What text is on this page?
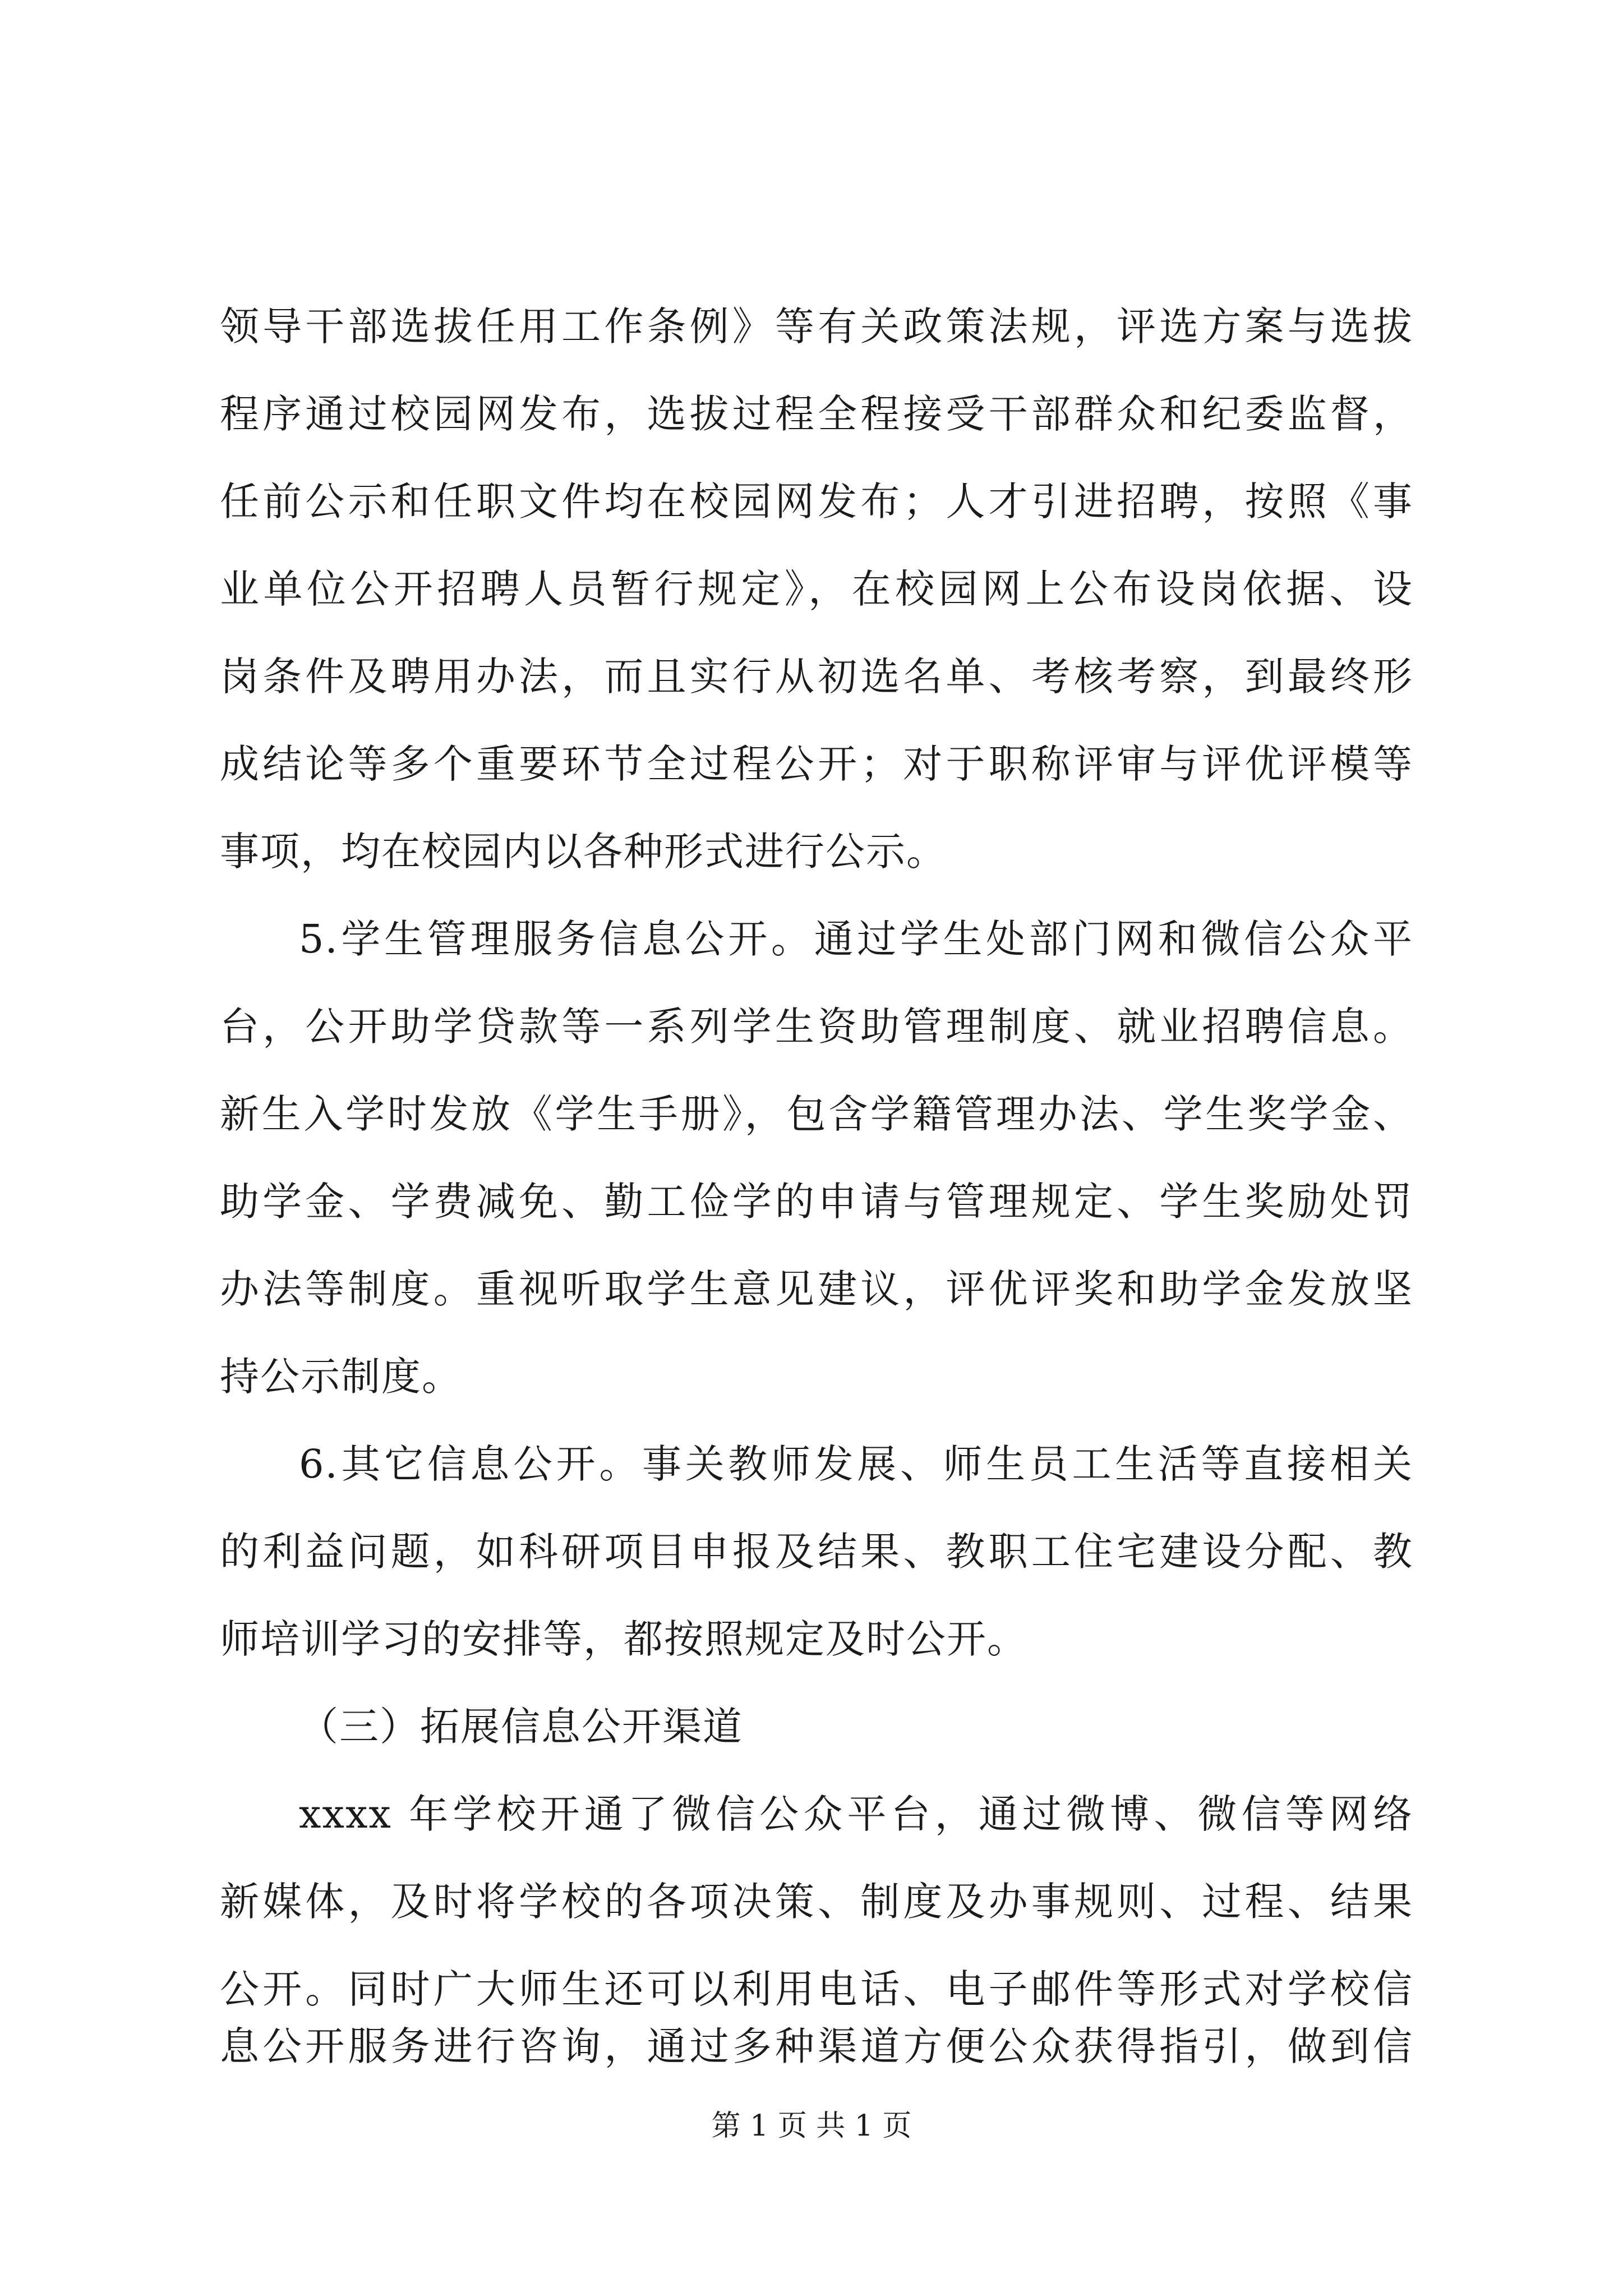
领导干部选拔任用工作条例》等有关政策法规，评选方案与选拔
程序通过校园网发布，选拔过程全程接受干部群众和纪委监督，
任前公示和任职文件均在校园网发布；人才引进招聘，按照《事
业单位公开招聘人员暂行规定》，在校园网上公布设岗依据、设
岗条件及聘用办法，而且实行从初选名单、考核考察，到最终形
成结论等多个重要环节全过程公开；对于职称评审与评优评模等
事项，均在校园内以各种形式进行公示。
5.学生管理服务信息公开。通过学生处部门网和微信公众平
台，公开助学贷款等一系列学生资助管理制度、就业招聘信息。
新生入学时发放《学生手册》，包含学籍管理办法、学生奖学金、
助学金、学费减免、勤工俭学的申请与管理规定、学生奖励处罚
办法等制度。重视听取学生意见建议，评优评奖和助学金发放坚
持公示制度。
6.其它信息公开。事关教师发展、师生员工生活等直接相关
的利益问题，如科研项目申报及结果、教职工住宅建设分配、教
师培训学习的安排等，都按照规定及时公开。
（三）拓展信息公开渠道
xxxx 年学校开通了微信公众平台，通过微博、微信等网络
新媒体，及时将学校的各项决策、制度及办事规则、过程、结果
公开。同时广大师生还可以利用电话、电子邮件等形式对学校信
第 1 页 共 1 页
息公开服务进行咨询，通过多种渠道方便公众获得指引，做到信
